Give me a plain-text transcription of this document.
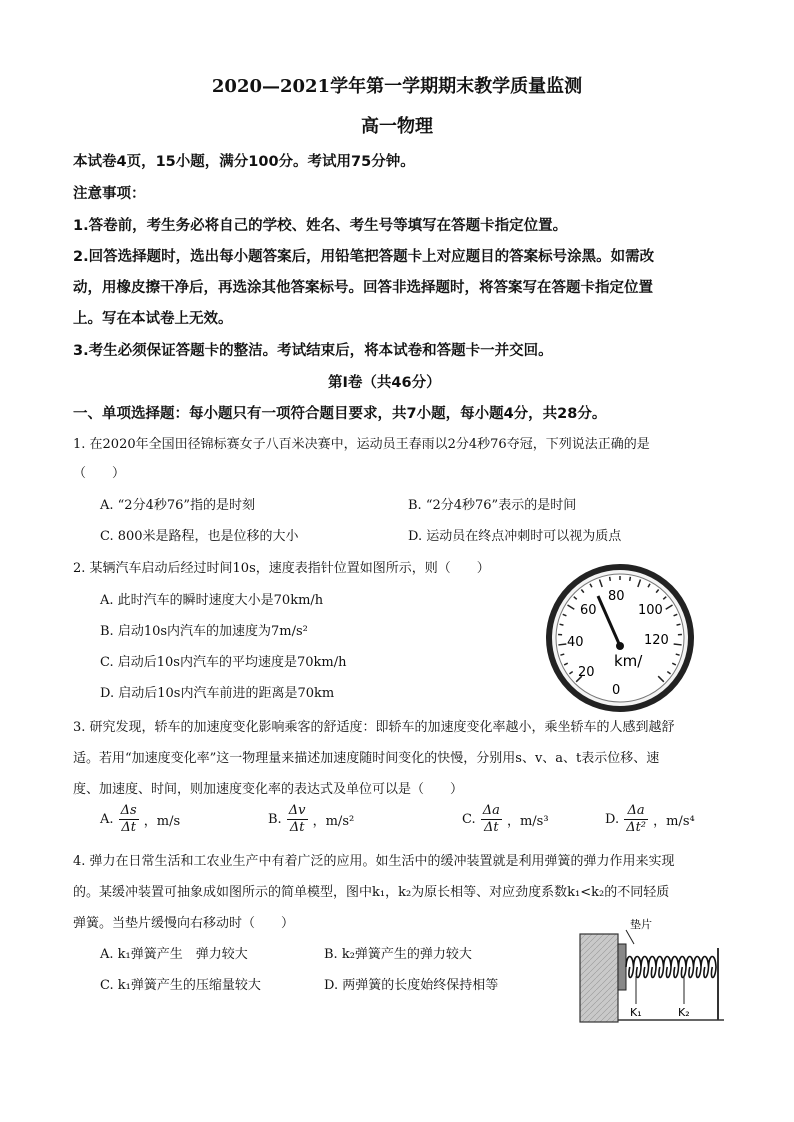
2020—2021学年第一学期期末教学质量监测
高一物理
本试卷4页，15小题，满分100分。考试用75分钟。
注意事项：
1.答卷前，考生务必将自己的学校、姓名、考生号等填写在答题卡指定位置。
2.回答选择题时，选出每小题答案后，用铅笔把答题卡上对应题目的答案标号涂黑。如需改
动，用橡皮擦干净后，再选涂其他答案标号。回答非选择题时，将答案写在答题卡指定位置
上。写在本试卷上无效。
3.考生必须保证答题卡的整洁。考试结束后，将本试卷和答题卡一并交回。
第Ⅰ卷（共46分）
一、单项选择题：每小题只有一项符合题目要求，共7小题，每小题4分，共28分。
1. 在2020年全国田径锦标赛女子八百米决赛中，运动员王春雨以2分4秒76夺冠，下列说法正确的是
（　　）
A. “2分4秒76”指的是时刻	B. “2分4秒76”表示的是时间
C. 800米是路程，也是位移的大小	D. 运动员在终点冲刺时可以视为质点
2. 某辆汽车启动后经过时间10s，速度表指针位置如图所示，则（　　）
A. 此时汽车的瞬时速度大小是70km/h
B. 启动10s内汽车的加速度为7m/s²
C. 启动后10s内汽车的平均速度是70km/h
D. 启动后10s内汽车前进的距离是70km	0
20
40
60
80
100
120
km/
3. 研究发现，轿车的加速度变化影响乘客的舒适度：即轿车的加速度变化率越小，乘坐轿车的人感到越舒
适。若用“加速度变化率”这一物理量来描述加速度随时间变化的快慢，分别用s、v、a、t表示位移、速
度、加速度、时间，则加速度变化率的表达式及单位可以是（　　）
A. $\frac{\Delta s}{\Delta t}$ ，m/s	B. $\frac{\Delta v}{\Delta t}$ ，m/s²	C. $\frac{\Delta a}{\Delta t}$ ，m/s³	D. $\frac{\Delta a}{\text{Δt²}}$ ，m/s⁴
4. 弹力在日常生活和工农业生产中有着广泛的应用。如生活中的缓冲装置就是利用弹簧的弹力作用来实现
的。某缓冲装置可抽象成如图所示的简单模型，图中k₁，k₂为原长相等、对应劲度系数k₁<k₂的不同轻质
弹簧。当垫片缓慢向右移动时（　　）
A. k₁弹簧产生　弹力较大	B. k₂弹簧产生的弹力较大
C. k₁弹簧产生的压缩量较大	D. 两弹簧的长度始终保持相等
垫片
K₁	K₂
